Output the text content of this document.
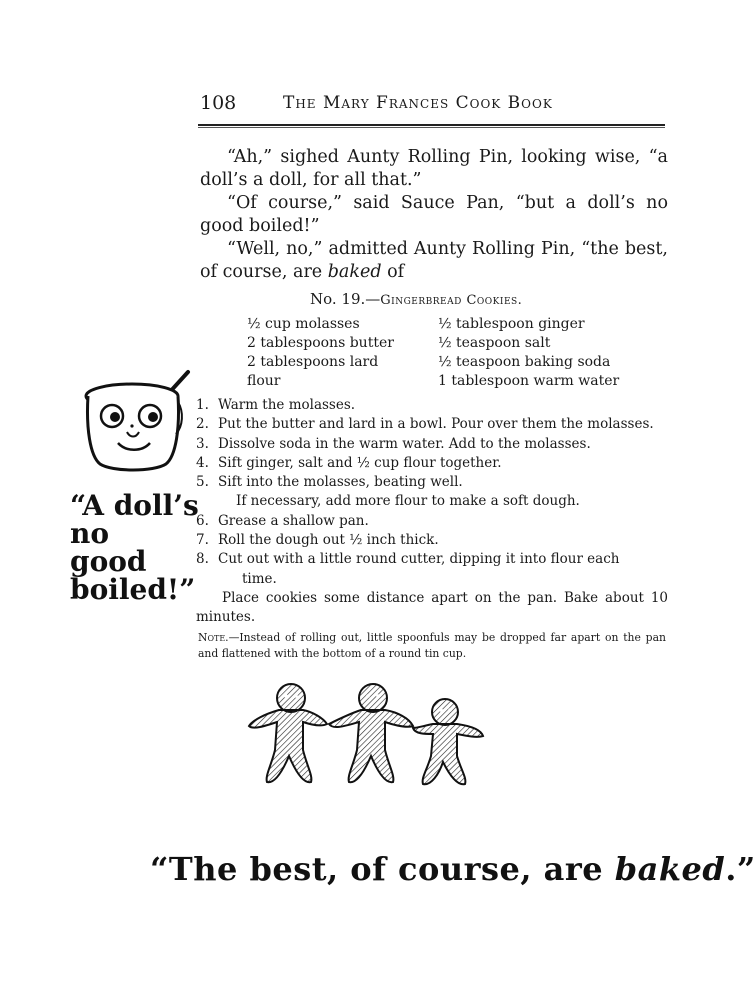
108	The Mary Frances Cook Book

“Ah,” sighed Aunty Rolling Pin, looking wise, “a doll’s a doll, for all that.”

“Of course,” said Sauce Pan, “but a doll’s no good boiled!”

“Well, no,” admitted Aunty Rolling Pin, “the best, of course, are baked of

No. 19.—Gingerbread Cookies.
½ cup molasses
2 tablespoons butter
2 tablespoons lard
flour
½ tablespoon ginger
½ teaspoon salt
½ teaspoon baking soda
1 tablespoon warm water
1. Warm the molasses.
2. Put the butter and lard in a bowl. Pour over them the molasses.
3. Dissolve soda in the warm water. Add to the molasses.
4. Sift ginger, salt and ½ cup flour together.
5. Sift into the molasses, beating well.
If necessary, add more flour to make a soft dough.
6. Grease a shallow pan.
7. Roll the dough out ½ inch thick.
8. Cut out with a little round cutter, dipping it into flour each
time.
Place cookies some distance apart on the pan. Bake about 10 minutes.
Note.—Instead of rolling out, little spoonfuls may be dropped far apart on the pan and flattened with the bottom of a round tin cup.
“A doll’s
no
good
boiled!”
“The best, of course, are baked.”
